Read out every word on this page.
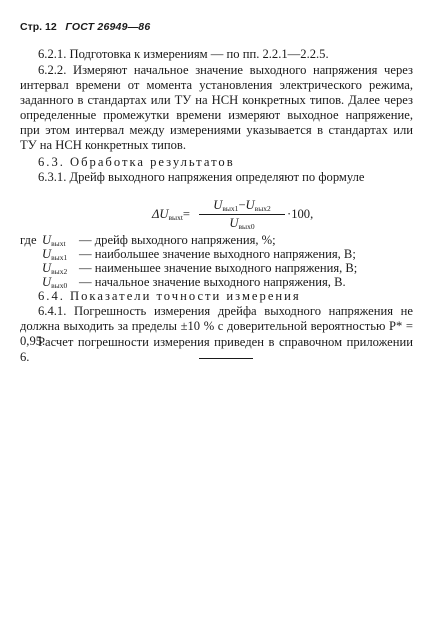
Стр. 12 ГОСТ 26949—86

6.2.1. Подготовка к измерениям — по пп. 2.2.1—2.2.5.

6.2.2. Измеряют начальное значение выходного напряжения через интервал времени от момента установления электрического режима, заданного в стандартах или ТУ на НСН конкретных типов. Далее через определенные промежутки времени измеряют выходное напряжение, при этом интервал между измерениями указывается в стандартах или ТУ на НСН конкретных типов.

6.3. Обработка результатов

6.3.1. Дрейф выходного напряжения определяют по формуле

$\Delta U_{выхt}=$
$U_{вых1}-U_{вых2}$
$U_{вых0}$
·100,
где $U_{выхt}$ — дрейф выходного напряжения, %;
$U_{вых1}$ — наибольшее значение выходного напряжения, В;
$U_{вых2}$ — наименьшее значение выходного напряжения, В;
$U_{вых0}$ — начальное значение выходного напряжения, В.

6.4. Показатели точности измерения

6.4.1. Погрешность измерения дрейфа выходного напряжения не должна выходить за пределы ±10 % с доверительной вероятностью P* = 0,95.

Расчет погрешности измерения приведен в справочном приложении 6.
